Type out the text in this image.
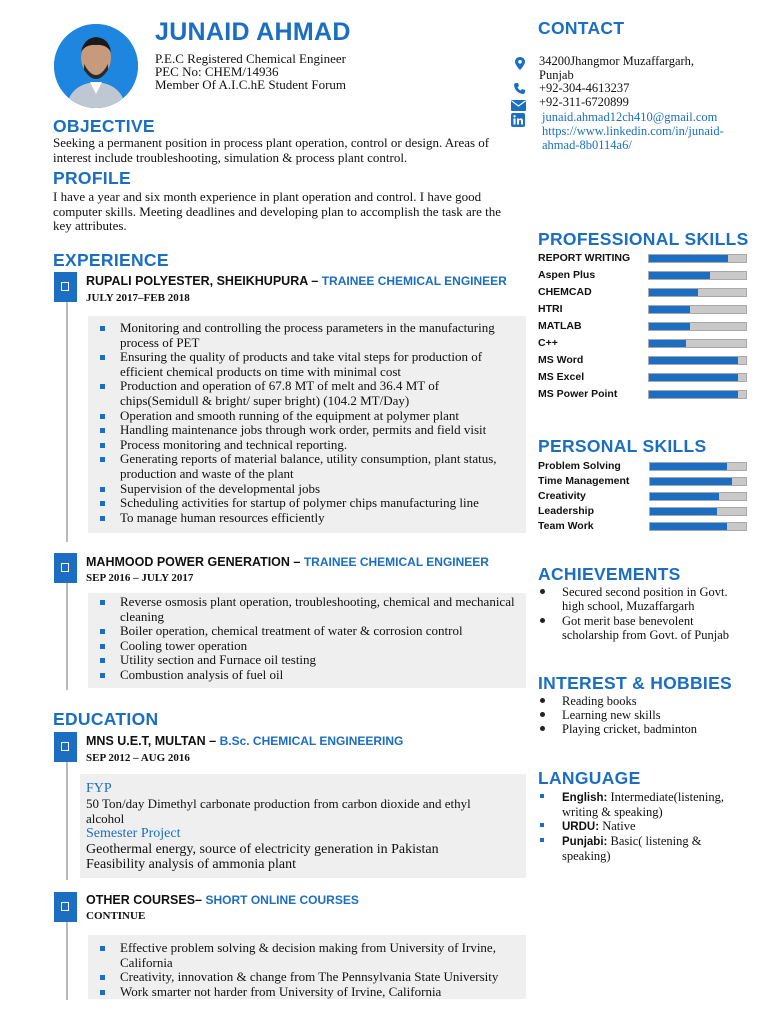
JUNAID AHMAD
P.E.C Registered Chemical Engineer
PEC No: CHEM/14936
Member Of A.I.C.hE Student Forum
OBJECTIVE
Seeking a permanent position in process plant operation, control or design. Areas of interest include troubleshooting, simulation & process plant control.
PROFILE
I have a year and six month experience in plant operation and control. I have good computer skills. Meeting deadlines and developing plan to accomplish the task are the key attributes.
EXPERIENCE
RUPALI POLYESTER, SHEIKHUPURA – TRAINEE CHEMICAL ENGINEER
JULY 2017–FEB 2018
Monitoring and controlling the process parameters in the manufacturing process of PET
Ensuring the quality of products and take vital steps for production of efficient chemical products on time with minimal cost
Production and operation of 67.8 MT of melt and 36.4 MT of chips(Semidull & bright/ super bright) (104.2 MT/Day)
Operation and smooth running of the equipment at polymer plant
Handling maintenance jobs through work order, permits and field visit
Process monitoring and technical reporting.
Generating reports of material balance, utility consumption, plant status, production and waste of the plant
Supervision of the developmental jobs
Scheduling activities for startup of polymer chips manufacturing line
To manage human resources efficiently
MAHMOOD POWER GENERATION – TRAINEE CHEMICAL ENGINEER
SEP 2016 – JULY 2017
Reverse osmosis plant operation, troubleshooting, chemical and mechanical cleaning
Boiler operation, chemical treatment of water & corrosion control
Cooling tower operation
Utility section and Furnace oil testing
Combustion analysis of fuel oil
EDUCATION
MNS U.E.T, MULTAN – B.Sc. CHEMICAL ENGINEERING
SEP 2012 – AUG 2016
FYP
50 Ton/day Dimethyl carbonate production from carbon dioxide and ethyl alcohol
Semester Project
Geothermal energy, source of electricity generation in Pakistan
Feasibility analysis of ammonia plant
OTHER COURSES– SHORT ONLINE COURSES
CONTINUE
Effective problem solving & decision making from University of Irvine, California
Creativity, innovation & change from The Pennsylvania State University
Work smarter not harder from University of Irvine, California
CONTACT
34200Jhangmor Muzaffargarh,
Punjab
+92-304-4613237
+92-311-6720899
junaid.ahmad12ch410@gmail.com
https://www.linkedin.com/in/junaid-
ahmad-8b0114a6/
PROFESSIONAL SKILLS
REPORT WRITING
Aspen Plus
CHEMCAD
HTRI
MATLAB
C++
MS Word
MS Excel
MS Power Point
PERSONAL SKILLS
Problem Solving
Time Management
Creativity
Leadership
Team Work
ACHIEVEMENTS
Secured second position in Govt. high school, Muzaffargarh
Got merit base benevolent scholarship from Govt. of Punjab
INTEREST & HOBBIES
Reading books
Learning new skills
Playing cricket, badminton
LANGUAGE
English: Intermediate(listening, writing & speaking)
URDU: Native
Punjabi: Basic( listening & speaking)
